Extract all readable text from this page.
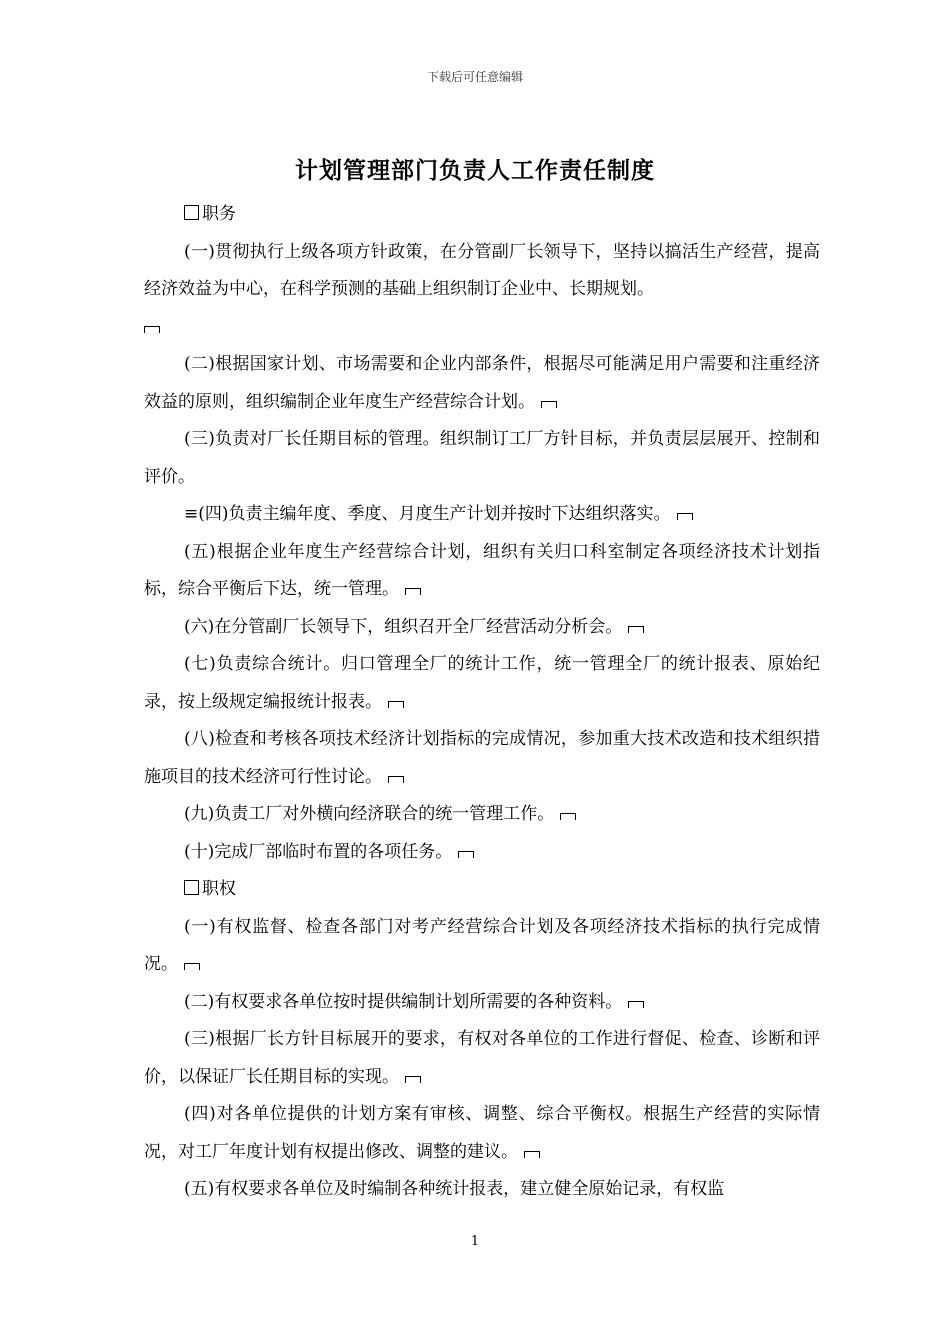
下载后可任意编辑
计划管理部门负责人工作责任制度

职务

(一)贯彻执行上级各项方针政策，在分管副厂长领导下，坚持以搞活生产经营，提高经济效益为中心，在科学预测的基础上组织制订企业中、长期规划。

(二)根据国家计划、市场需要和企业内部条件，根据尽可能满足用户需要和注重经济效益的原则，组织编制企业年度生产经营综合计划。

(三)负责对厂长任期目标的管理。组织制订工厂方针目标，并负责层层展开、控制和评价。

≡(四)负责主编年度、季度、月度生产计划并按时下达组织落实。

(五)根据企业年度生产经营综合计划，组织有关归口科室制定各项经济技术计划指标，综合平衡后下达，统一管理。

(六)在分管副厂长领导下，组织召开全厂经营活动分析会。

(七)负责综合统计。归口管理全厂的统计工作，统一管理全厂的统计报表、原始纪录，按上级规定编报统计报表。

(八)检查和考核各项技术经济计划指标的完成情况，参加重大技术改造和技术组织措施项目的技术经济可行性讨论。

(九)负责工厂对外横向经济联合的统一管理工作。

(十)完成厂部临时布置的各项任务。

职权

(一)有权监督、检查各部门对考产经营综合计划及各项经济技术指标的执行完成情况。

(二)有权要求各单位按时提供编制计划所需要的各种资料。

(三)根据厂长方针目标展开的要求，有权对各单位的工作进行督促、检查、诊断和评价，以保证厂长任期目标的实现。

(四)对各单位提供的计划方案有审核、调整、综合平衡权。根据生产经营的实际情况，对工厂年度计划有权提出修改、调整的建议。

(五)有权要求各单位及时编制各种统计报表，建立健全原始记录，有权监

1
